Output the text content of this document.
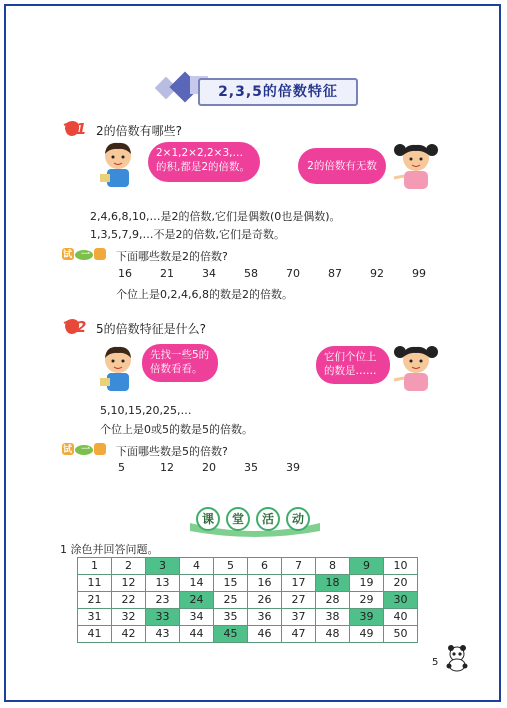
2,3,5的倍数特征
1 2的倍数有哪些?
2×1,2×2,2×3,…的积,都是2的倍数。	2的倍数有无数个。
2,4,6,8,10,…是2的倍数,它们是偶数(0也是偶数)。
1,3,5,7,9,…不是2的倍数,它们是奇数。
试一试
下面哪些数是2的倍数?
16	21	34	58	70	87	92	99
个位上是0,2,4,6,8的数是2的倍数。
2 5的倍数特征是什么?
先找一些5的倍数看看。
它们个位上的数是……
5,10,15,20,25,…
个位上是0或5的数是5的倍数。
试一试
下面哪些数是5的倍数?
5	12	20	35	39
课	堂	活	动
1 涂色并回答问题。
1	2	3	4	5	6	7	8	9	10
11	12	13	14	15	16	17	18	19	20
21	22	23	24	25	26	27	28	29	30
31	32	33	34	35	36	37	38	39	40
41	42	43	44	45	46	47	48	49	50
5
